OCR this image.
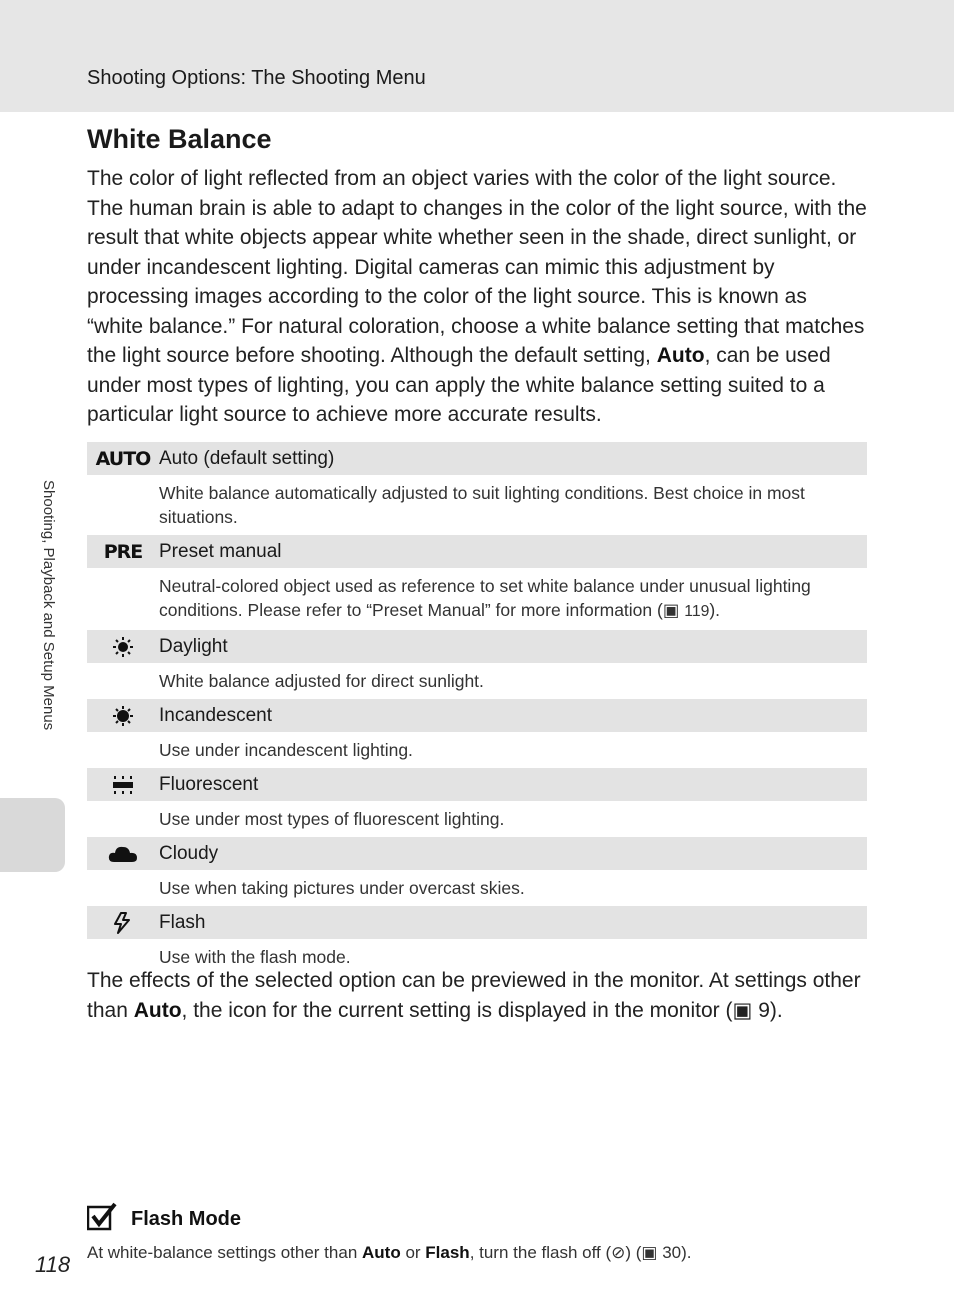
Shooting Options: The Shooting Menu
Shooting, Playback and Setup Menus
White Balance

The color of light reflected from an object varies with the color of the light source. The human brain is able to adapt to changes in the color of the light source, with the result that white objects appear white whether seen in the shade, direct sunlight, or under incandescent lighting. Digital cameras can mimic this adjustment by processing images according to the color of the light source. This is known as “white balance.” For natural coloration, choose a white balance setting that matches the light source before shooting. Although the default setting, Auto, can be used under most types of lighting, you can apply the white balance setting suited to a particular light source to achieve more accurate results.

AUTO Auto (default setting)
White balance automatically adjusted to suit lighting conditions. Best choice in most situations.
PRE Preset manual
Neutral-colored object used as reference to set white balance under unusual lighting conditions. Please refer to “Preset Manual” for more information (▣ 119).
Daylight
White balance adjusted for direct sunlight.
Incandescent
Use under incandescent lighting.
Fluorescent
Use under most types of fluorescent lighting.
Cloudy
Use when taking pictures under overcast skies.
Flash
Use with the flash mode.

The effects of the selected option can be previewed in the monitor. At settings other than Auto, the icon for the current setting is displayed in the monitor (▣ 9).

Flash Mode
At white-balance settings other than Auto or Flash, turn the flash off (⊘) (▣ 30).
118
